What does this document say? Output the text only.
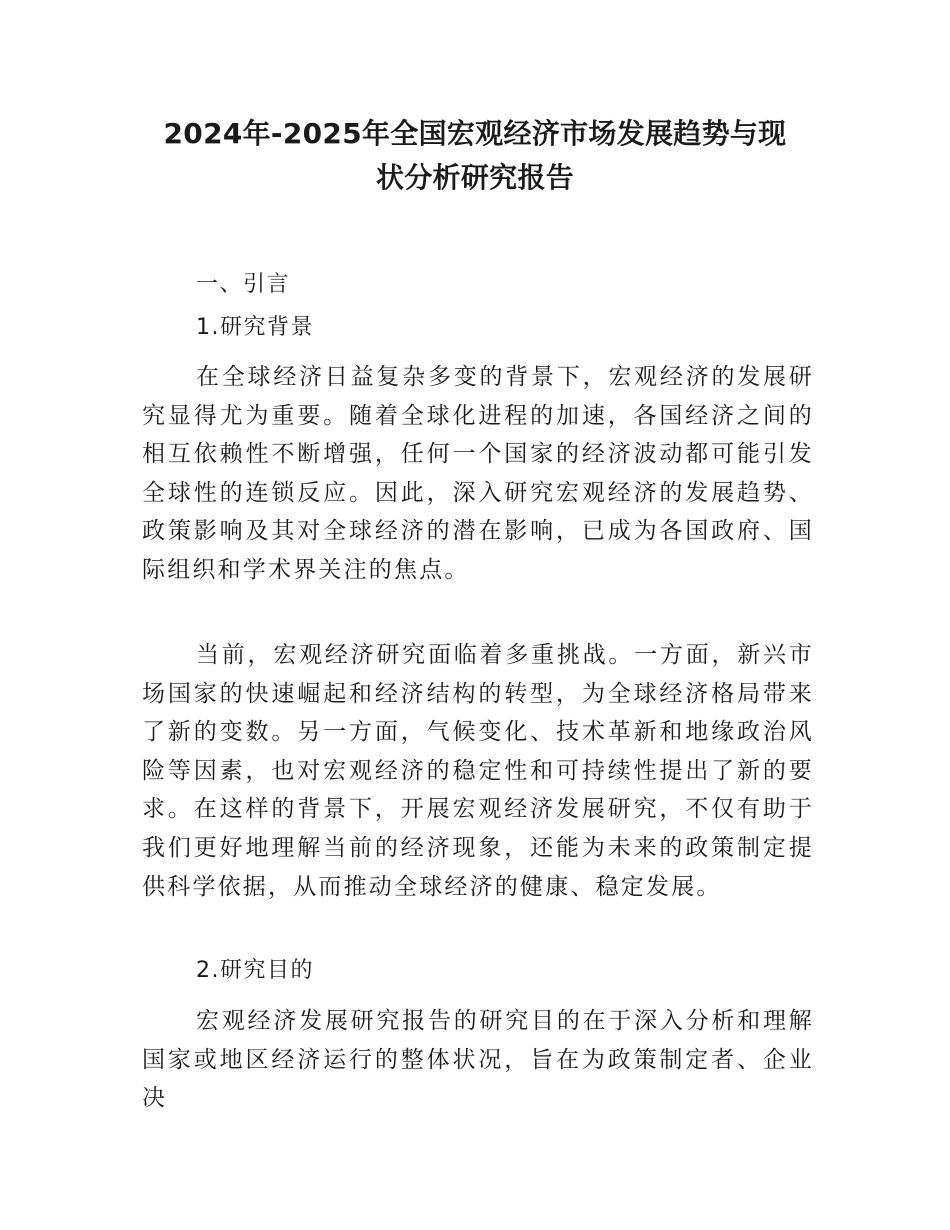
2024年-2025年全国宏观经济市场发展趋势与现
状分析研究报告

一、引言

1.研究背景

在全球经济日益复杂多变的背景下，宏观经济的发展研究显得尤为重要。随着全球化进程的加速，各国经济之间的相互依赖性不断增强，任何一个国家的经济波动都可能引发全球性的连锁反应。因此，深入研究宏观经济的发展趋势、政策影响及其对全球经济的潜在影响，已成为各国政府、国际组织和学术界关注的焦点。

当前，宏观经济研究面临着多重挑战。一方面，新兴市场国家的快速崛起和经济结构的转型，为全球经济格局带来了新的变数。另一方面，气候变化、技术革新和地缘政治风险等因素，也对宏观经济的稳定性和可持续性提出了新的要求。在这样的背景下，开展宏观经济发展研究，不仅有助于我们更好地理解当前的经济现象，还能为未来的政策制定提供科学依据，从而推动全球经济的健康、稳定发展。

2.研究目的

宏观经济发展研究报告的研究目的在于深入分析和理解国家或地区经济运行的整体状况，旨在为政策制定者、企业决
